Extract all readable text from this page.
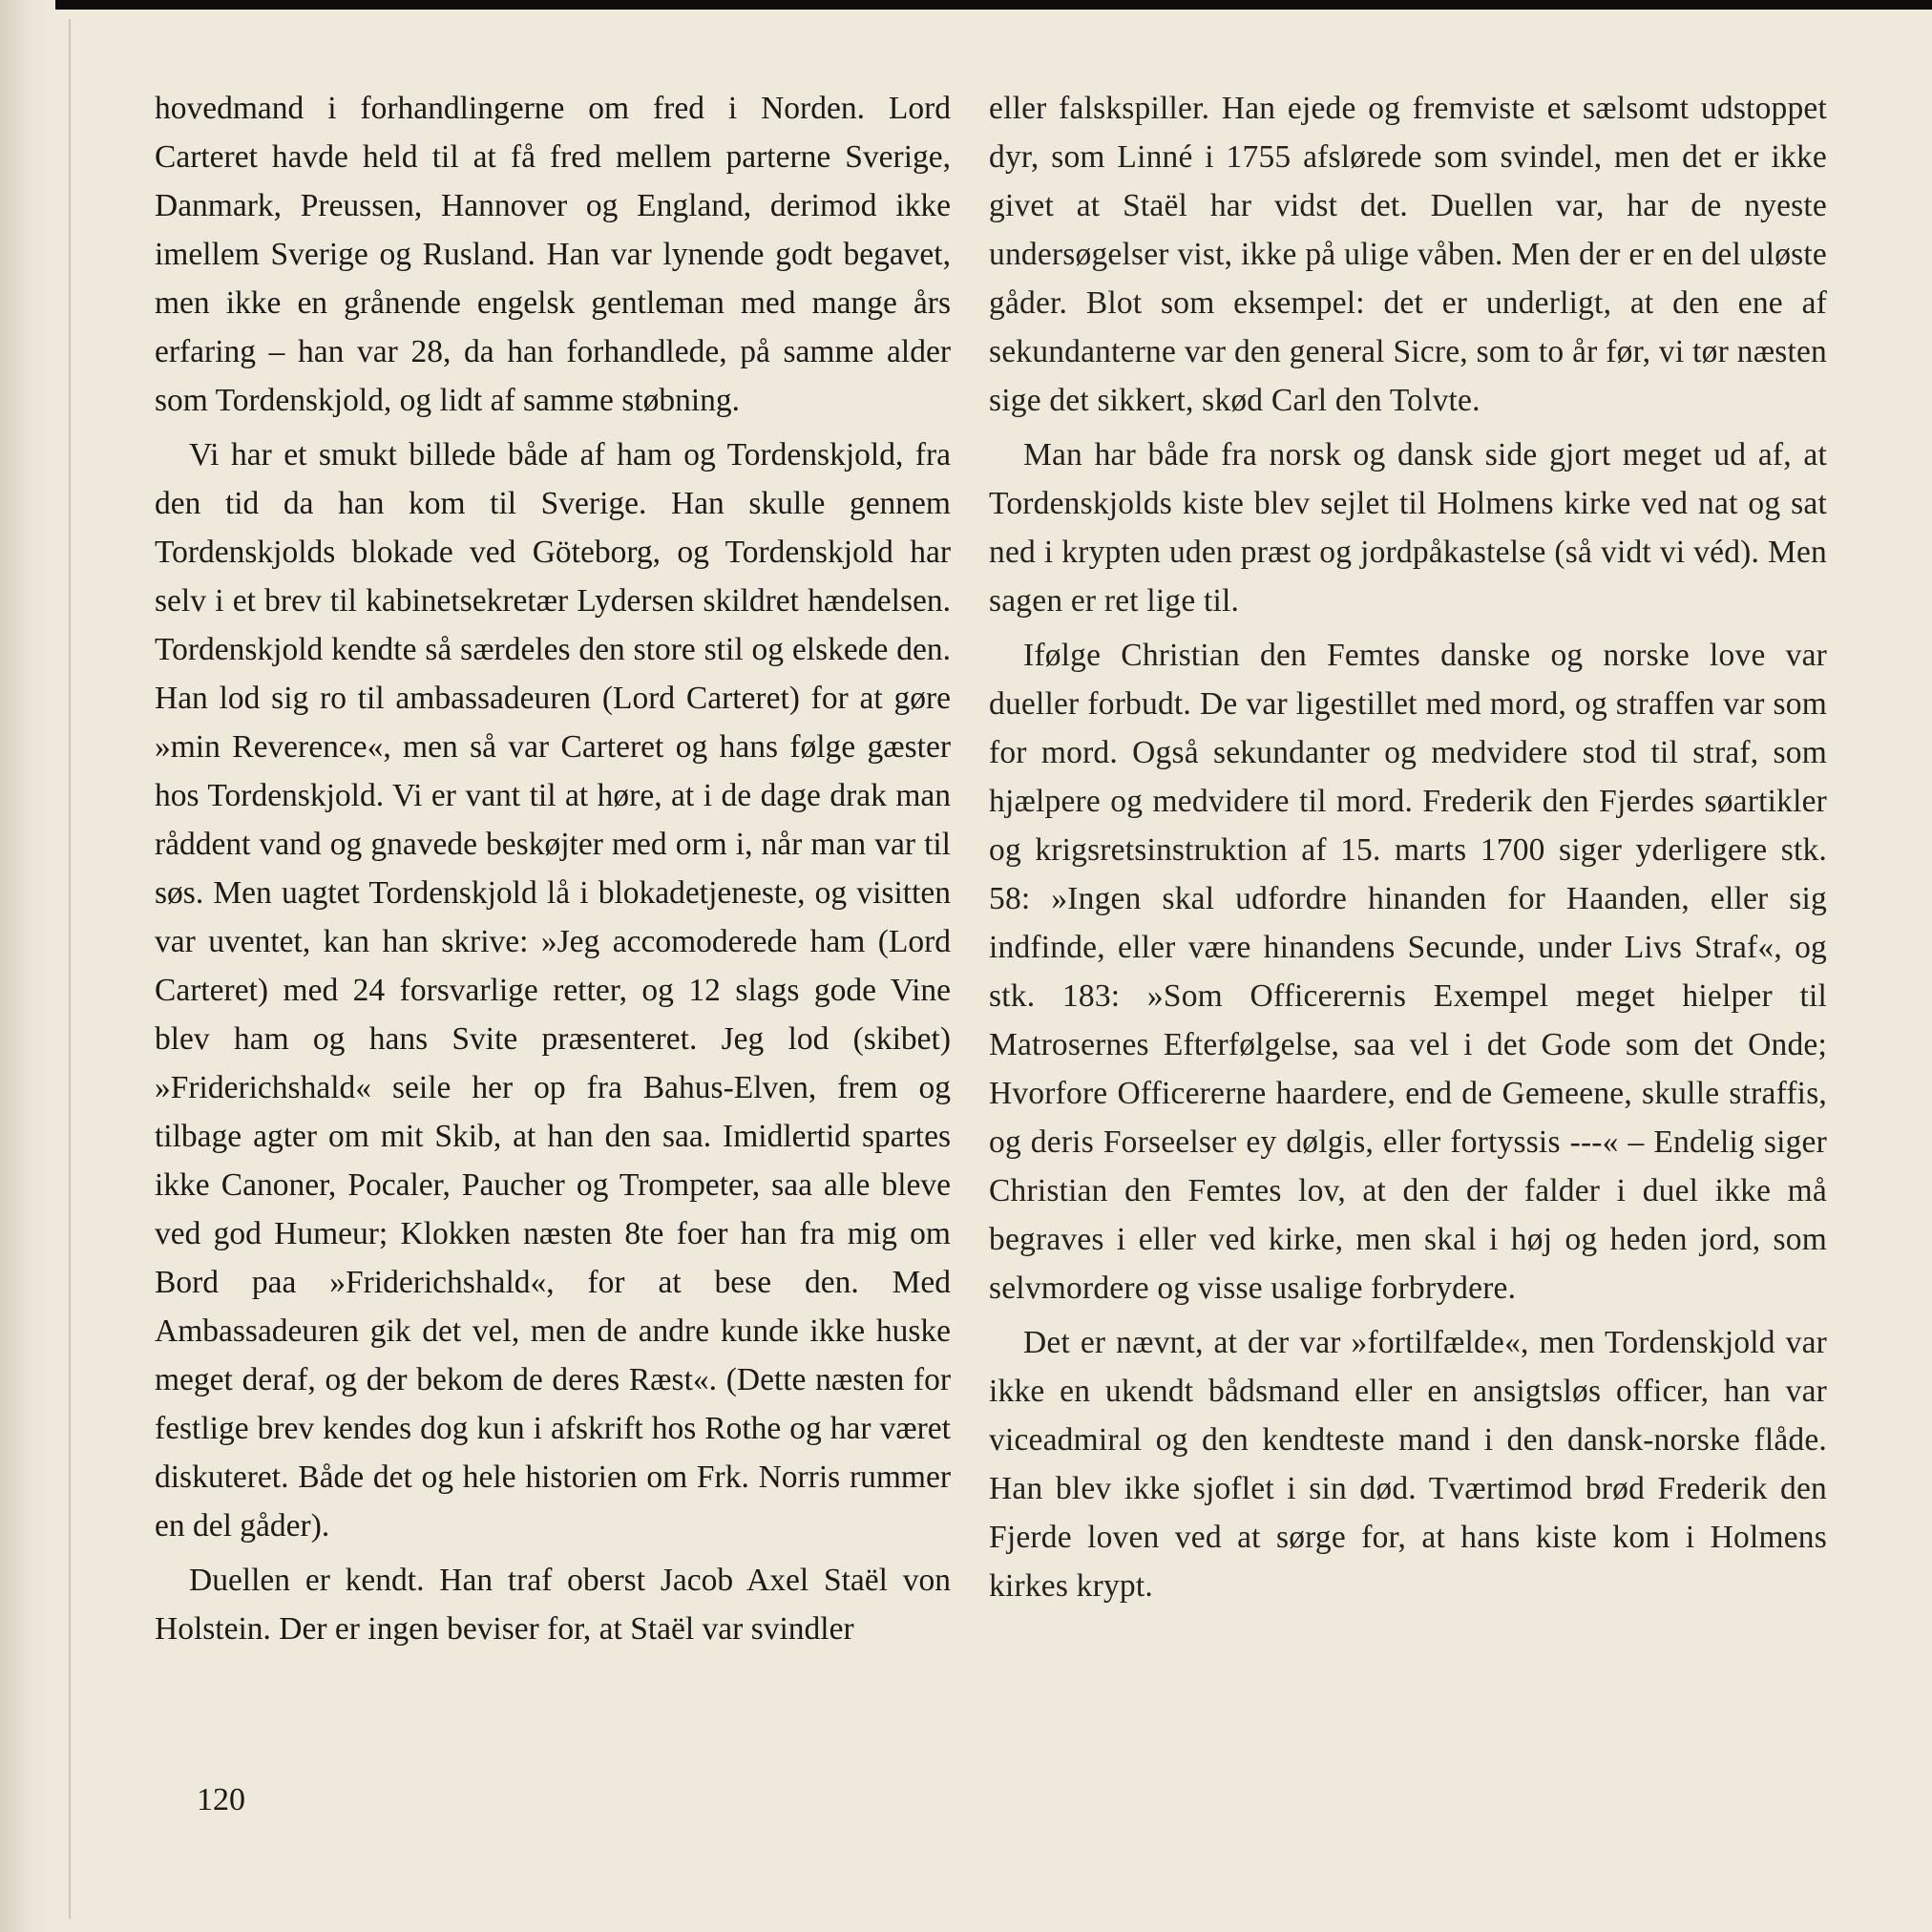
hovedmand i forhandlingerne om fred i Norden. Lord Carteret havde held til at få fred mellem parterne Sverige, Danmark, Preussen, Hannover og England, derimod ikke imellem Sverige og Rusland. Han var lynende godt begavet, men ikke en grånende engelsk gentleman med mange års erfaring – han var 28, da han forhandlede, på samme alder som Tordenskjold, og lidt af samme støbning.

Vi har et smukt billede både af ham og Tordenskjold, fra den tid da han kom til Sverige. Han skulle gennem Tordenskjolds blokade ved Göteborg, og Tordenskjold har selv i et brev til kabinetsekretær Lydersen skildret hændelsen. Tordenskjold kendte så særdeles den store stil og elskede den. Han lod sig ro til ambassadeuren (Lord Carteret) for at gøre »min Reverence«, men så var Carteret og hans følge gæster hos Tordenskjold. Vi er vant til at høre, at i de dage drak man råddent vand og gnavede beskøjter med orm i, når man var til søs. Men uagtet Tordenskjold lå i blokadetjeneste, og visitten var uventet, kan han skrive: »Jeg accomoderede ham (Lord Carteret) med 24 forsvarlige retter, og 12 slags gode Vine blev ham og hans Svite præsenteret. Jeg lod (skibet) »Friderichshald« seile her op fra Bahus-Elven, frem og tilbage agter om mit Skib, at han den saa. Imidlertid spartes ikke Canoner, Pocaler, Paucher og Trompeter, saa alle bleve ved god Humeur; Klokken næsten 8te foer han fra mig om Bord paa »Friderichshald«, for at bese den. Med Ambassadeuren gik det vel, men de andre kunde ikke huske meget deraf, og der bekom de deres Ræst«. (Dette næsten for festlige brev kendes dog kun i afskrift hos Rothe og har været diskuteret. Både det og hele historien om Frk. Norris rummer en del gåder).

Duellen er kendt. Han traf oberst Jacob Axel Staël von Holstein. Der er ingen beviser for, at Staël var svindler

eller falskspiller. Han ejede og fremviste et sælsomt udstoppet dyr, som Linné i 1755 afslørede som svindel, men det er ikke givet at Staël har vidst det. Duellen var, har de nyeste undersøgelser vist, ikke på ulige våben. Men der er en del uløste gåder. Blot som eksempel: det er underligt, at den ene af sekundanterne var den general Sicre, som to år før, vi tør næsten sige det sikkert, skød Carl den Tolvte.

Man har både fra norsk og dansk side gjort meget ud af, at Tordenskjolds kiste blev sejlet til Holmens kirke ved nat og sat ned i krypten uden præst og jordpåkastelse (så vidt vi véd). Men sagen er ret lige til.

Ifølge Christian den Femtes danske og norske love var dueller forbudt. De var ligestillet med mord, og straffen var som for mord. Også sekundanter og medvidere stod til straf, som hjælpere og medvidere til mord. Frederik den Fjerdes søartikler og krigsretsinstruktion af 15. marts 1700 siger yderligere stk. 58: »Ingen skal udfordre hinanden for Haanden, eller sig indfinde, eller være hinandens Secunde, under Livs Straf«, og stk. 183: »Som Officerernis Exempel meget hielper til Matrosernes Efterfølgelse, saa vel i det Gode som det Onde; Hvorfore Officererne haardere, end de Gemeene, skulle straffis, og deris Forseelser ey dølgis, eller fortyssis ---« – Endelig siger Christian den Femtes lov, at den der falder i duel ikke må begraves i eller ved kirke, men skal i høj og heden jord, som selvmordere og visse usalige forbrydere.

Det er nævnt, at der var »fortilfælde«, men Tordenskjold var ikke en ukendt bådsmand eller en ansigtsløs officer, han var viceadmiral og den kendteste mand i den dansk-norske flåde. Han blev ikke sjoflet i sin død. Tværtimod brød Frederik den Fjerde loven ved at sørge for, at hans kiste kom i Holmens kirkes krypt.

120
